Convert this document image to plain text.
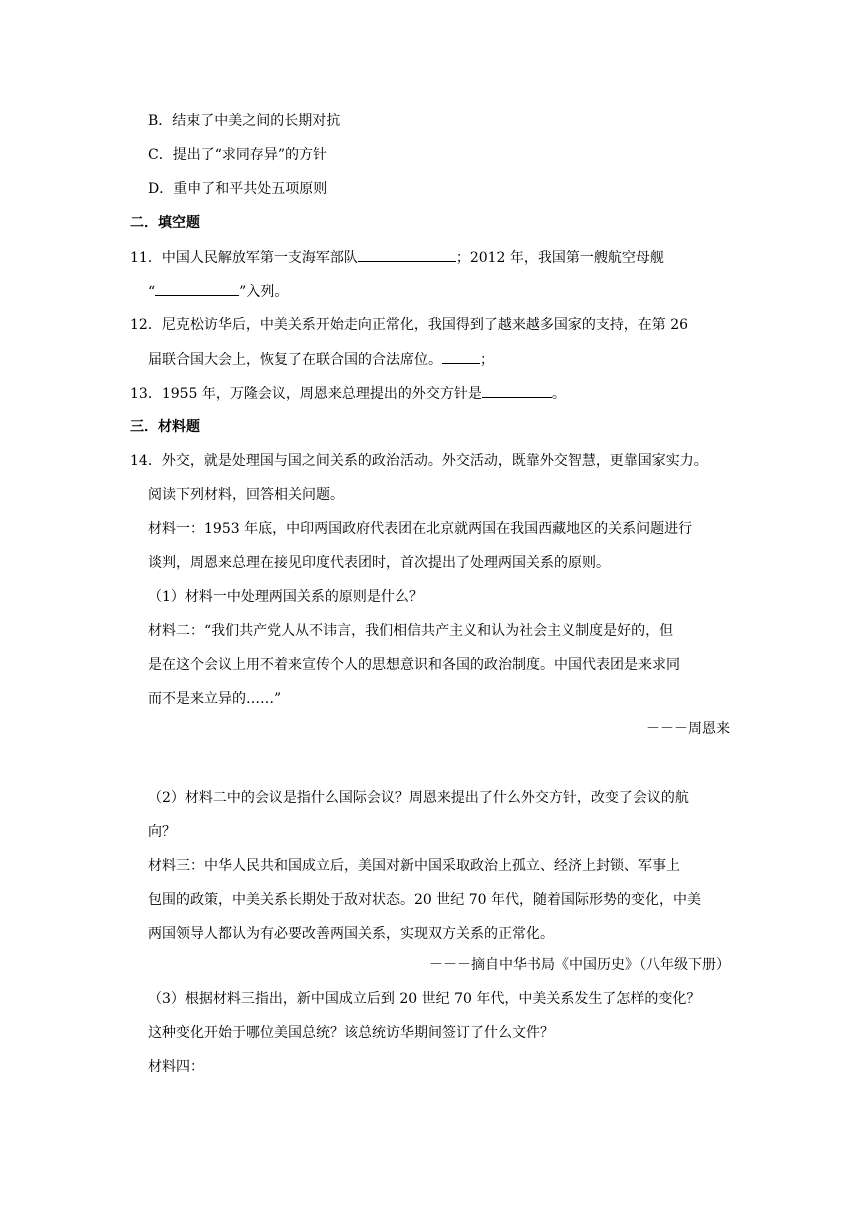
B．结束了中美之间的长期对抗
C．提出了“求同存异”的方针
D．重申了和平共处五项原则
二．填空题
11．中国人民解放军第一支海军部队	；2012 年，我国第一艘航空母舰
“	”入列。
12．尼克松访华后，中美关系开始走向正常化，我国得到了越来越多国家的支持，在第 26
届联合国大会上，恢复了在联合国的合法席位。	；
13．1955 年，万隆会议，周恩来总理提出的外交方针是	。
三．材料题
14．外交，就是处理国与国之间关系的政治活动。外交活动，既靠外交智慧，更靠国家实力。
阅读下列材料，回答相关问题。
材料一：1953 年底，中印两国政府代表团在北京就两国在我国西藏地区的关系问题进行
谈判，周恩来总理在接见印度代表团时，首次提出了处理两国关系的原则。
（1）材料一中处理两国关系的原则是什么？
材料二：“我们共产党人从不讳言，我们相信共产主义和认为社会主义制度是好的，但
是在这个会议上用不着来宣传个人的思想意识和各国的政治制度。中国代表团是来求同
而不是来立异的……”
－－－周恩来
（2）材料二中的会议是指什么国际会议？周恩来提出了什么外交方针，改变了会议的航
向？
材料三：中华人民共和国成立后，美国对新中国采取政治上孤立、经济上封锁、军事上
包围的政策，中美关系长期处于敌对状态。20 世纪 70 年代，随着国际形势的变化，中美
两国领导人都认为有必要改善两国关系，实现双方关系的正常化。
－－－摘自中华书局《中国历史》（八年级下册）
（3）根据材料三指出，新中国成立后到 20 世纪 70 年代，中美关系发生了怎样的变化？
这种变化开始于哪位美国总统？该总统访华期间签订了什么文件？
材料四：
